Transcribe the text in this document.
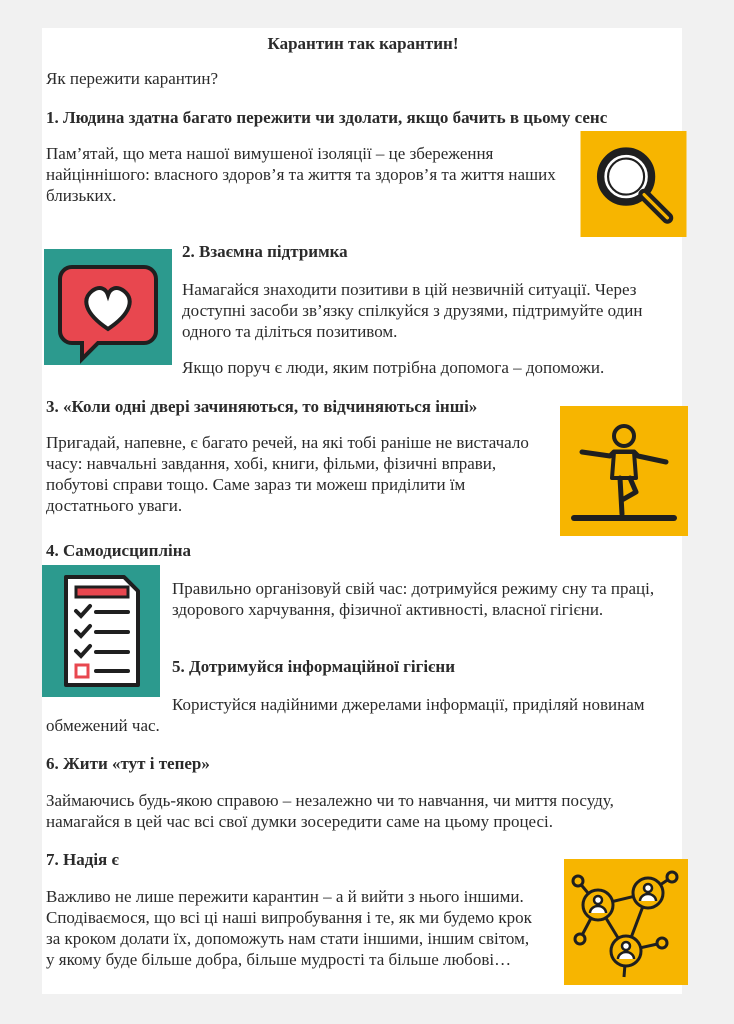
Карантин так карантин!
Як пережити карантин?
1. Людина здатна багато пережити чи здолати, якщо бачить в цьому сенс

Пам’ятай, що мета нашої вимушеної ізоляції – це збереження найціннішого: власного здоров’я та життя та здоров’я та життя наших близьких.

2. Взаємна підтримка

Намагайся знаходити позитиви в цій незвичній ситуації. Через доступні засоби зв’язку спілкуйся з друзями, підтримуйте один одного та діліться позитивом.

Якщо поруч є люди, яким потрібна допомога – допоможи.

3. «Коли одні двері зачиняються, то відчиняються інші»

Пригадай, напевне, є багато речей, на які тобі раніше не вистачало часу: навчальні завдання, хобі, книги, фільми, фізичні вправи, побутові справи тощо. Саме зараз ти можеш приділити їм достатнього уваги.

4. Самодисципліна

Правильно організовуй свій час: дотримуйся режиму сну та праці, здорового харчування, фізичної активності, власної гігієни.

5. Дотримуйся інформаційної гігієни

Користуйся надійними джерелами інформації, приділяй новинам обмежений час.

6. Жити «тут і тепер»

Займаючись будь-якою справою – незалежно чи то навчання, чи миття посуду, намагайся в цей час всі свої думки зосередити саме на цьому процесі.

7. Надія є

Важливо не лише пережити карантин – а й вийти з нього іншими. Сподіваємося, що всі ці наші випробування і те, як ми будемо крок за кроком долати їх, допоможуть нам стати іншими, іншим світом, у якому буде більше добра, більше мудрості та більше любові…
